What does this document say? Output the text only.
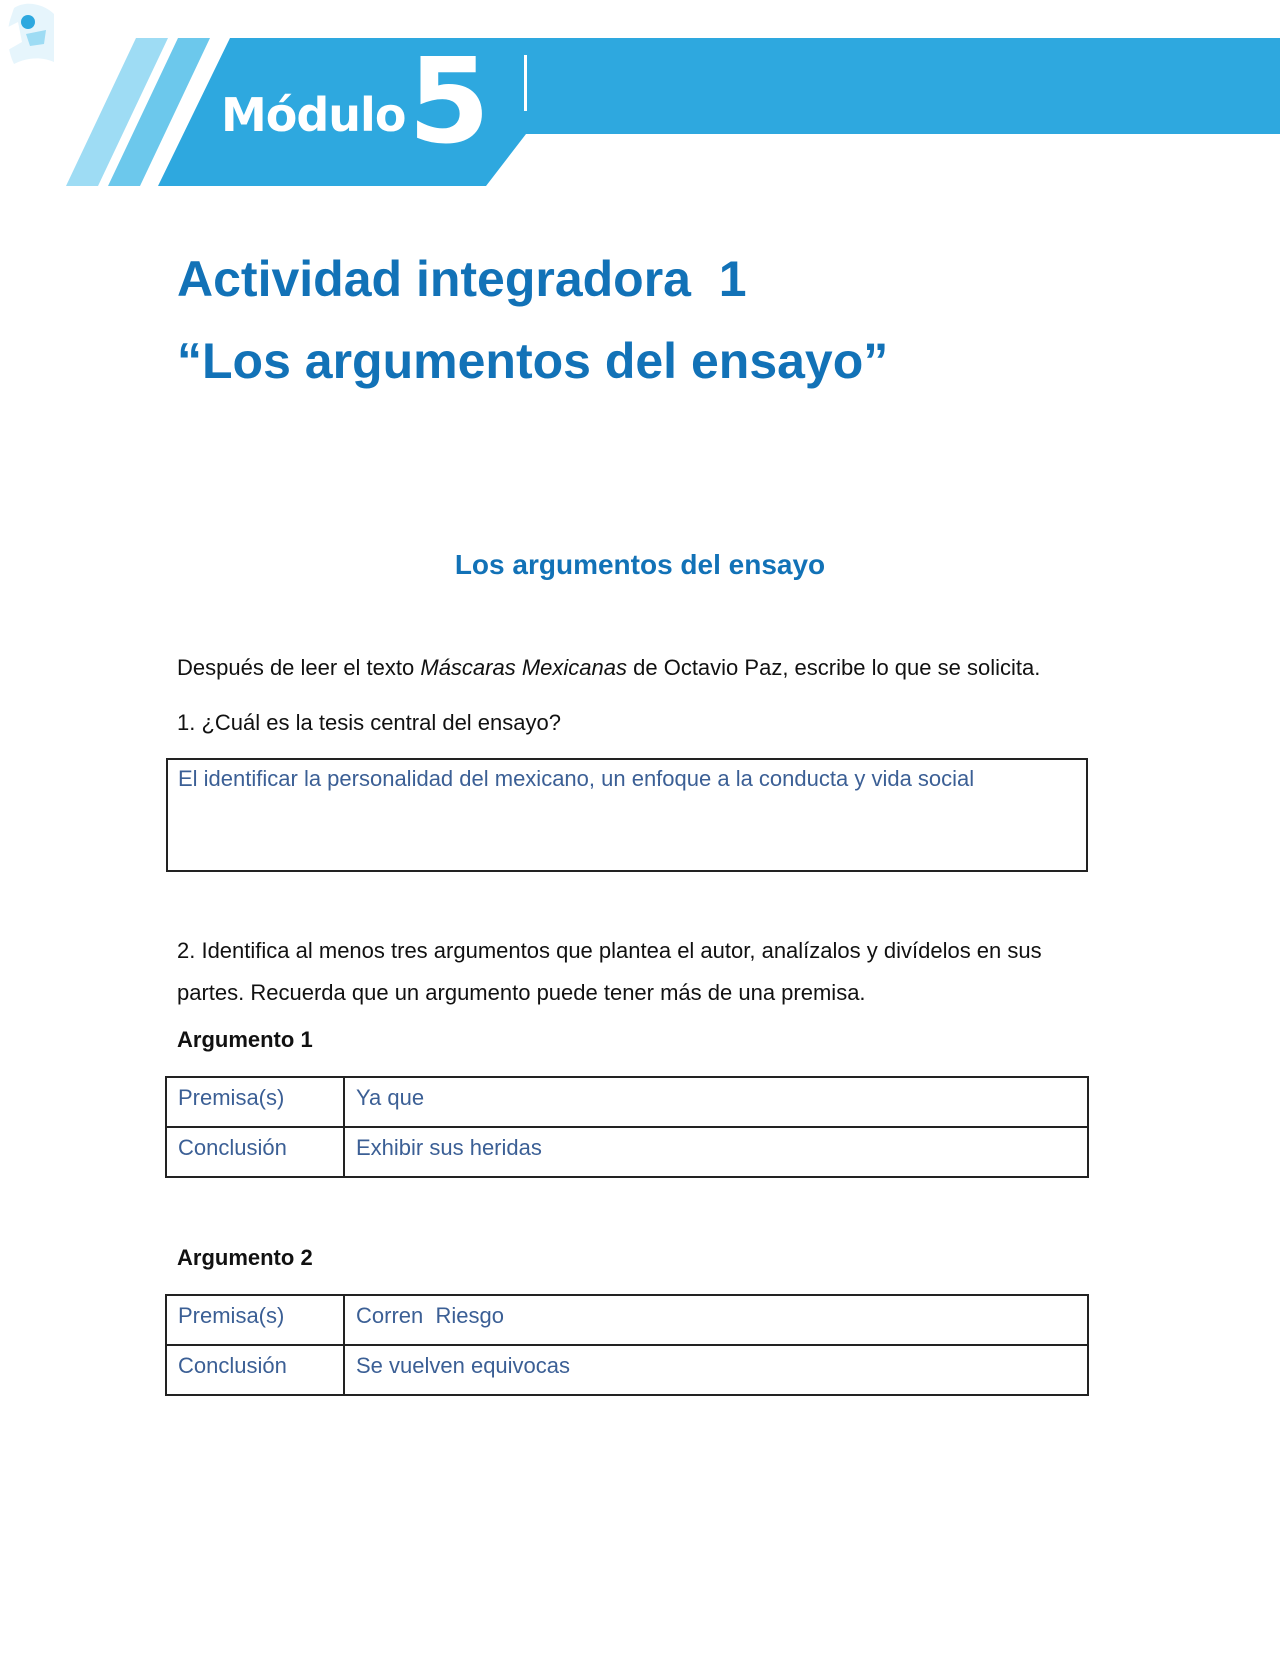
Módulo 5
Actividad integradora  1
“Los argumentos del ensayo”
Los argumentos del ensayo
Después de leer el texto Máscaras Mexicanas de Octavio Paz, escribe lo que se solicita.
1. ¿Cuál es la tesis central del ensayo?
El identificar la personalidad del mexicano, un enfoque a la conducta y vida social
2. Identifica al menos tres argumentos que plantea el autor, analízalos y divídelos en sus partes. Recuerda que un argumento puede tener más de una premisa.
Argumento 1
Premisa(s)	Ya que
Conclusión	Exhibir sus heridas
Argumento 2
Premisa(s)	Corren  Riesgo
Conclusión	Se vuelven equivocas
